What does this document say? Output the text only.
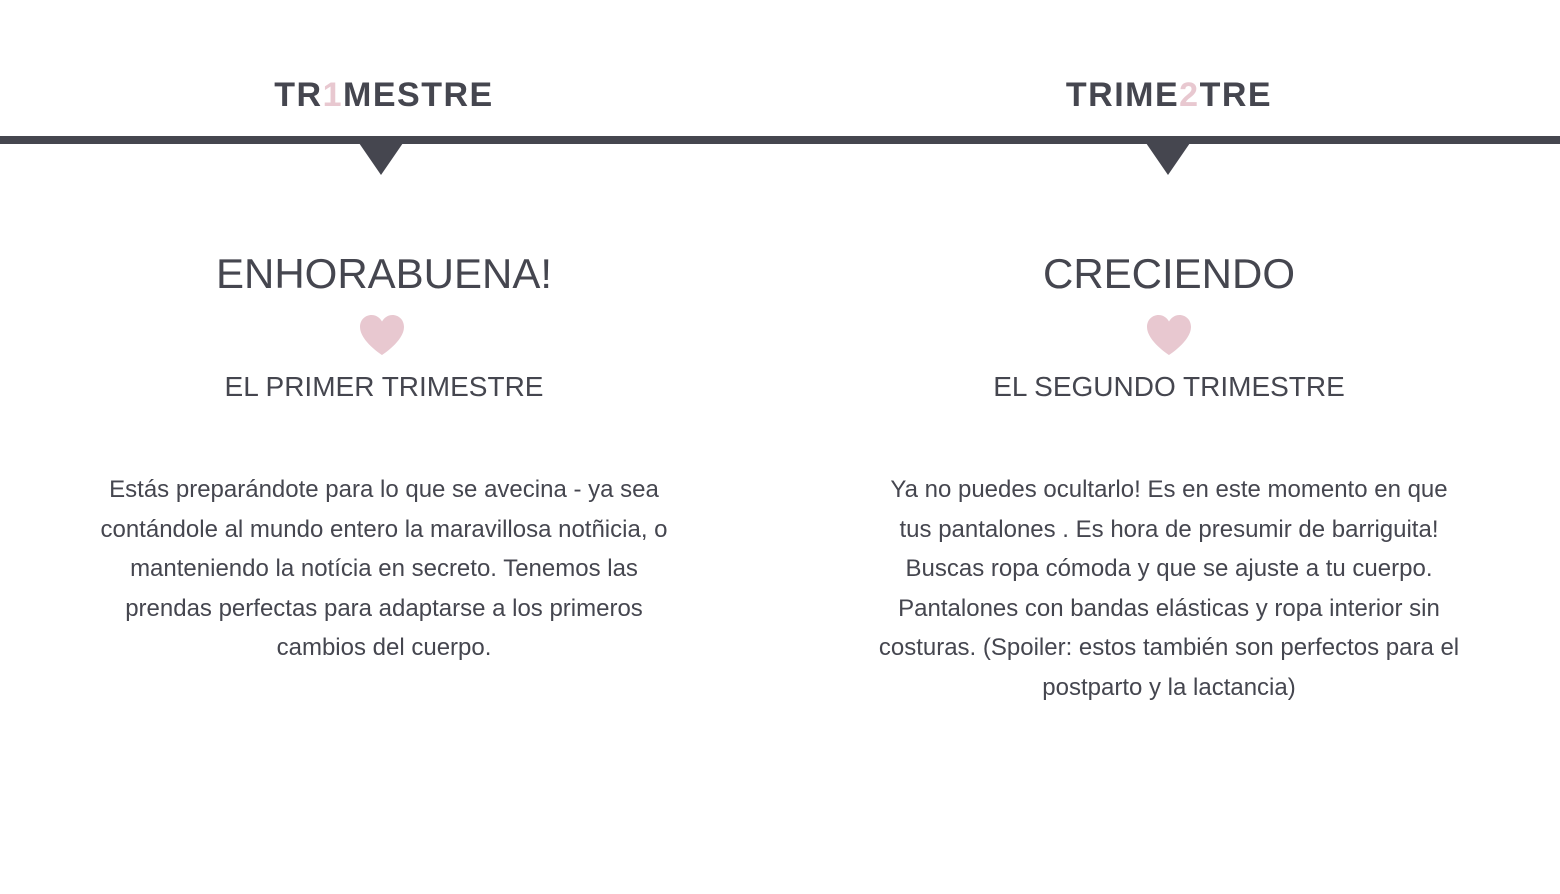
TR1MESTRE
ENHORABUENA!
EL PRIMER TRIMESTRE

Estás preparándote para lo que se avecina - ya sea contándole al mundo entero la maravillosa notñicia, o manteniendo la notícia en secreto. Tenemos las prendas perfectas para adaptarse a los primeros cambios del cuerpo.

TRIME2TRE
CRECIENDO
EL SEGUNDO TRIMESTRE

Ya no puedes ocultarlo! Es en este momento en que tus pantalones . Es hora de presumir de barriguita! Buscas ropa cómoda y que se ajuste a tu cuerpo. Pantalones con bandas elásticas y ropa interior sin costuras. (Spoiler: estos también son perfectos para el postparto y la lactancia)
